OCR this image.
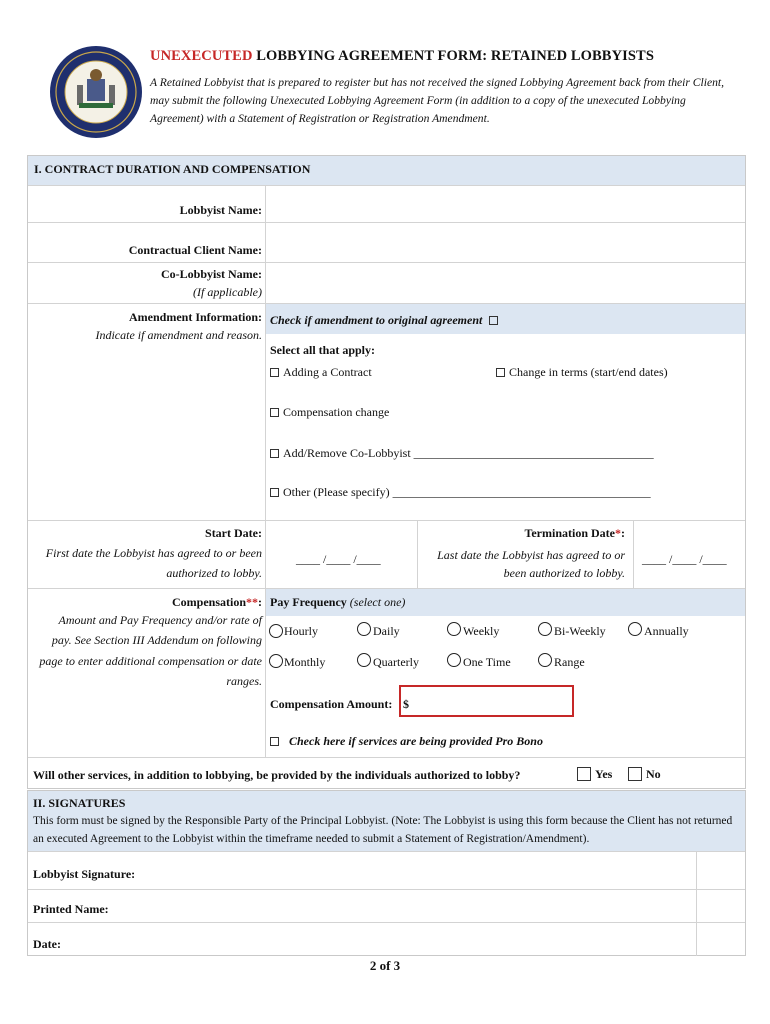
UNEXECUTED LOBBYING AGREEMENT FORM: RETAINED LOBBYISTS
A Retained Lobbyist that is prepared to register but has not received the signed Lobbying Agreement back from their Client, may submit the following Unexecuted Lobbying Agreement Form (in addition to a copy of the unexecuted Lobbying Agreement) with a Statement of Registration or Registration Amendment.
I. CONTRACT DURATION AND COMPENSATION
Lobbyist Name:
Contractual Client Name:
Co-Lobbyist Name:
(If applicable)
Amendment Information:
Indicate if amendment and reason.
Check if amendment to original agreement
Select all that apply:
Adding a Contract	Change in terms (start/end dates)
Compensation change
Add/Remove Co-Lobbyist ________________________________________
Other (Please specify) ___________________________________________
Start Date:
First date the Lobbyist has agreed to or been
authorized to lobby.
____ /____ /____
Termination Date*:
Last date the Lobbyist has agreed to or
been authorized to lobby.
____ /____ /____
Compensation**:
Amount and Pay Frequency and/or rate of
pay. See Section III Addendum on following
page to enter additional compensation or date
ranges.
Pay Frequency (select one)
Hourly	Daily	Weekly	Bi-Weekly	Annually
Monthly	Quarterly	One Time	Range
Compensation Amount: $
Check here if services are being provided Pro Bono
Will other services, in addition to lobbying, be provided by the individuals authorized to lobby?	Yes	No
II. SIGNATURES
This form must be signed by the Responsible Party of the Principal Lobbyist. (Note: The Lobbyist is using this form because the Client has not returned an executed Agreement to the Lobbyist within the timeframe needed to submit a Statement of Registration/Amendment).
Lobbyist Signature:
Printed Name:
Date:
2 of 3
